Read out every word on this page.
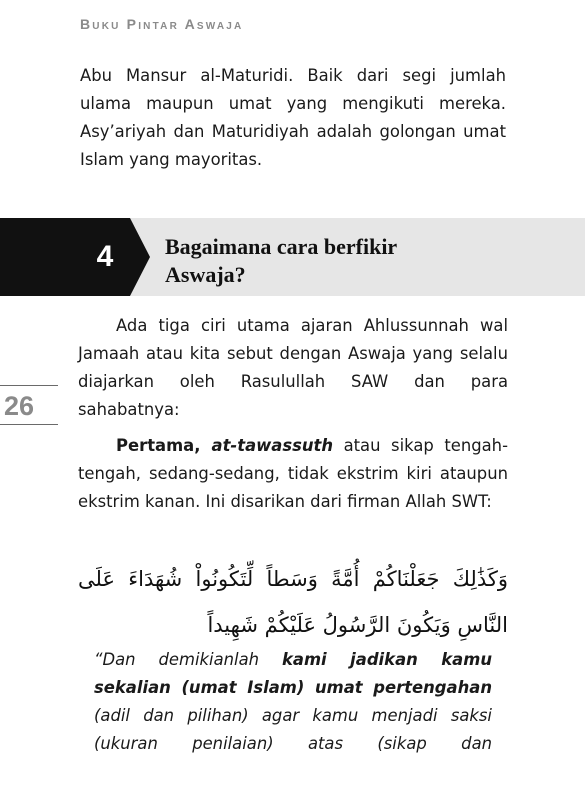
Buku Pintar Aswaja

Abu Mansur al-Maturidi. Baik dari segi jumlah ulama maupun umat yang mengikuti mereka. Asy’ariyah dan Maturidiyah adalah golongan umat Islam yang mayoritas.

4	Bagaimana cara berfikir
Aswaja?

Ada tiga ciri utama ajaran Ahlussunnah wal Jamaah atau kita sebut dengan Aswaja yang selalu diajarkan oleh Rasulullah SAW dan para sahabatnya:

26

Pertama, at-tawassuth atau sikap tengah-tengah, sedang-sedang, tidak ekstrim kiri ataupun ekstrim kanan. Ini disarikan dari firman Allah SWT:

وَكَذَٰلِكَ جَعَلْنَاكُمْ أُمَّةً وَسَطاً لِّتَكُونُواْ شُهَدَاءَ عَلَى النَّاسِ وَيَكُونَ الرَّسُولُ عَلَيْكُمْ شَهِيداً

“Dan demikianlah kami jadikan kamu sekalian (umat Islam) umat pertengahan (adil dan pilihan) agar kamu menjadi saksi (ukuran penilaian) atas (sikap dan
